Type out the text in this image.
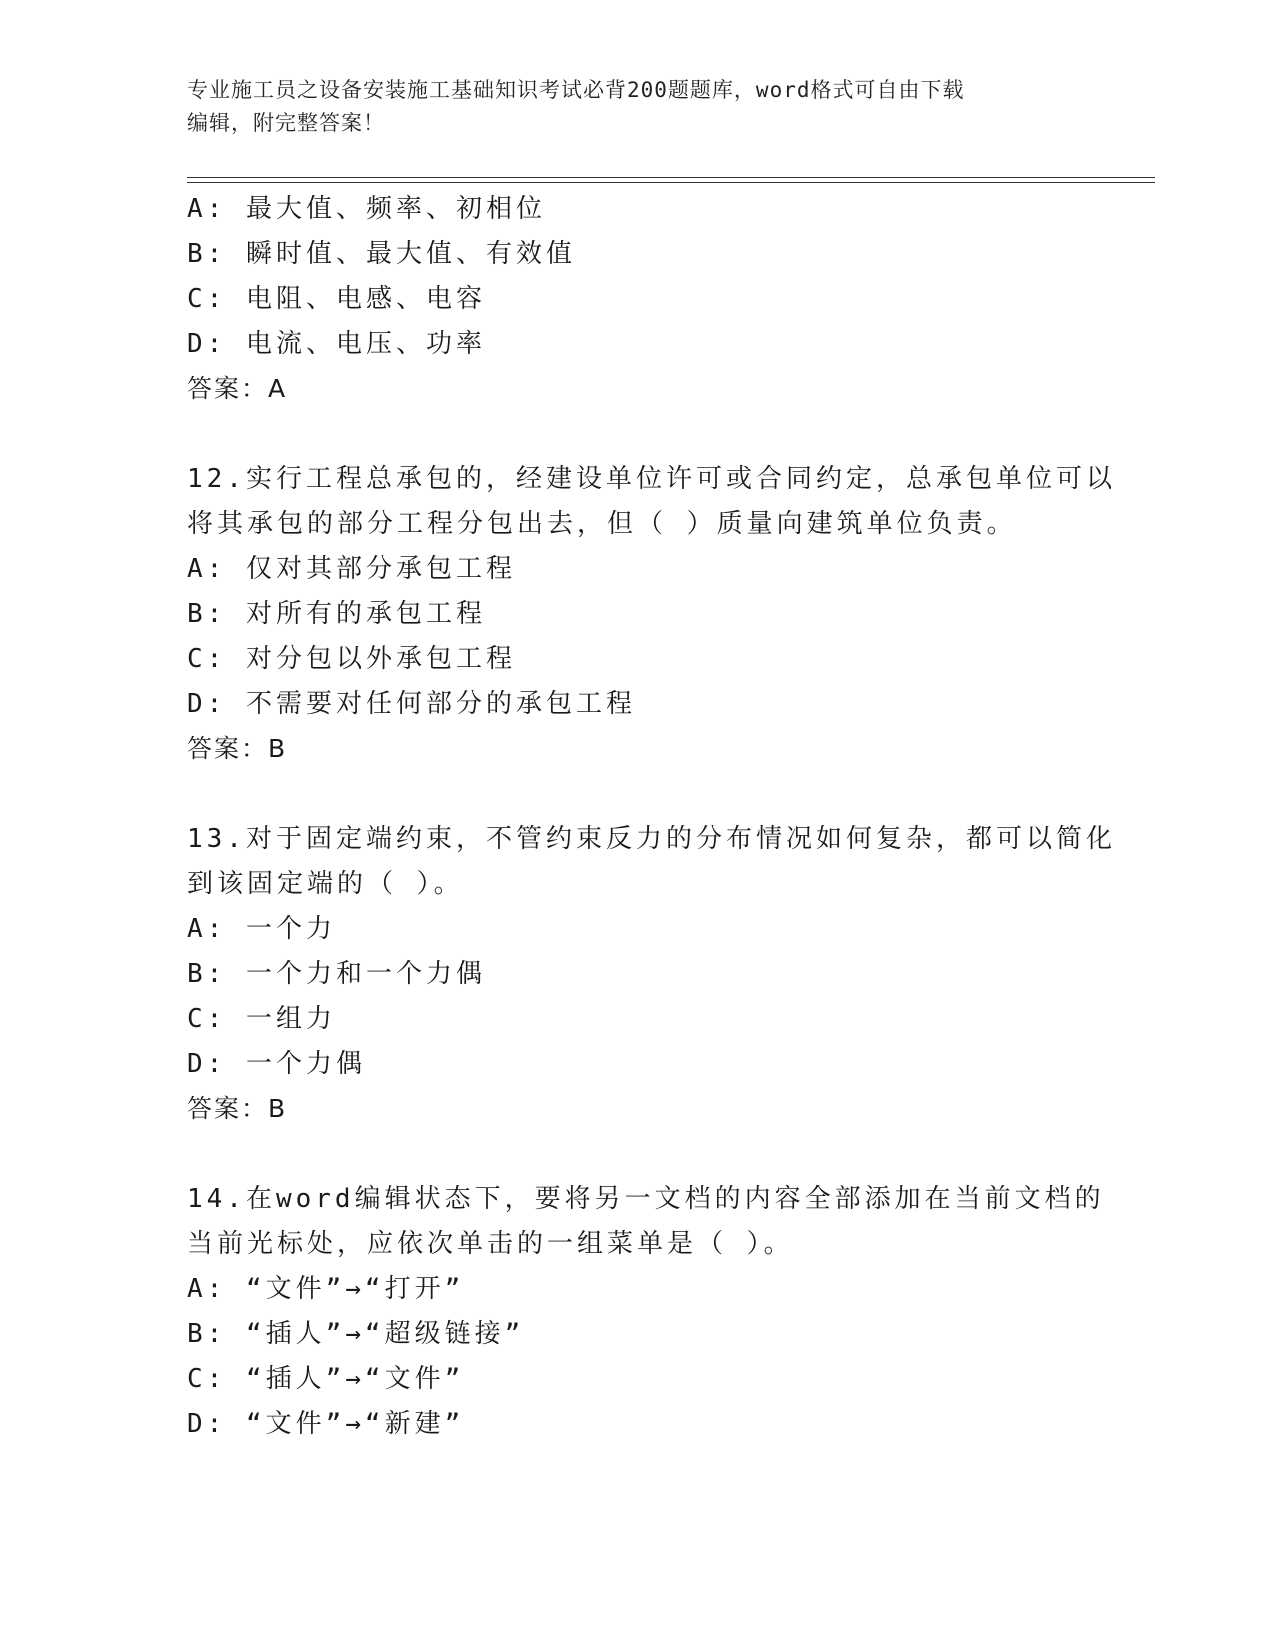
专业施工员之设备安装施工基础知识考试必背200题题库，word格式可自由下载
编辑，附完整答案！
A: 最大值、频率、初相位
B: 瞬时值、最大值、有效值
C: 电阻、电感、电容
D: 电流、电压、功率
答案：A
12.实行工程总承包的，经建设单位许可或合同约定，总承包单位可以
将其承包的部分工程分包出去，但（ ）质量向建筑单位负责。
A: 仅对其部分承包工程
B: 对所有的承包工程
C: 对分包以外承包工程
D: 不需要对任何部分的承包工程
答案：B
13.对于固定端约束，不管约束反力的分布情况如何复杂，都可以简化
到该固定端的（ ）。
A: 一个力
B: 一个力和一个力偶
C: 一组力
D: 一个力偶
答案：B
14.在word编辑状态下，要将另一文档的内容全部添加在当前文档的
当前光标处，应依次单击的一组菜单是（ ）。
A: “文件”→“打开”
B: “插人”→“超级链接”
C: “插人”→“文件”
D: “文件”→“新建”
